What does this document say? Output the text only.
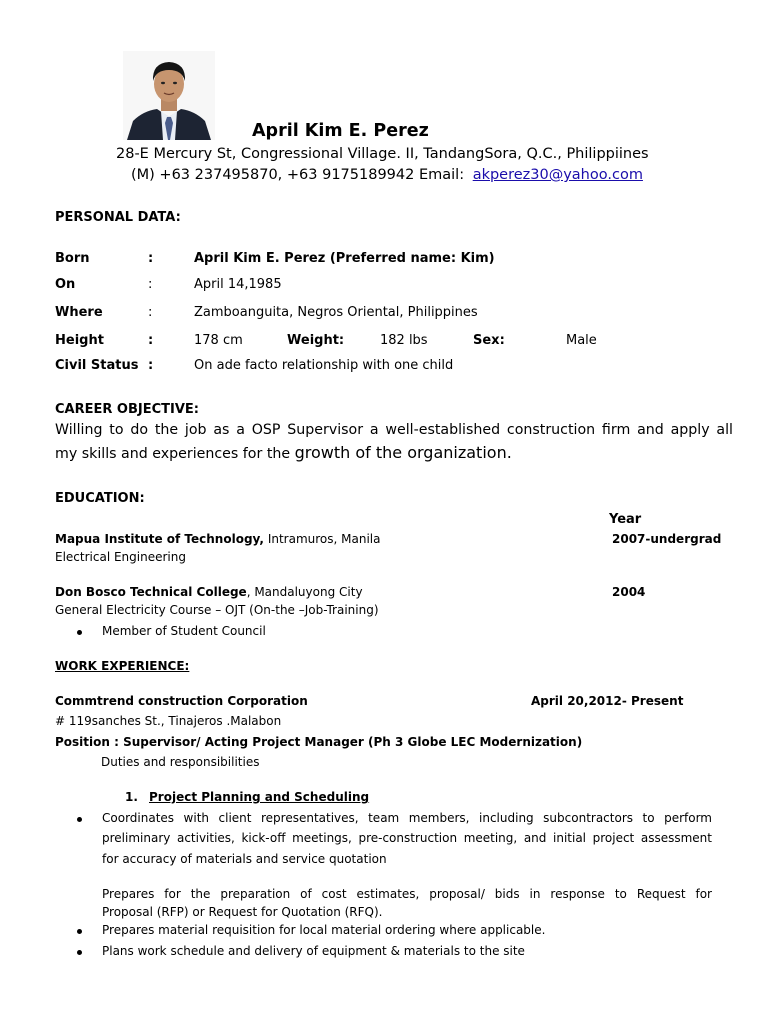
April Kim E. Perez
28-E Mercury St, Congressional Village. II, TandangSora, Q.C., Philippiines
(M) +63 237495870, +63 9175189942 Email: akperez30@yahoo.com
PERSONAL DATA:
Born	:	April Kim E. Perez (Preferred name: Kim)
On	:	April 14,1985
Where	:	Zamboanguita, Negros Oriental, Philippines
Height	:	178 cm	Weight:	182 lbs	Sex:	Male
Civil Status :	On ade facto relationship with one child
CAREER OBJECTIVE:
Willing to do the job as a OSP Supervisor a well-established construction firm and apply all
my skills and experiences for the growth of the organization.
EDUCATION:
Year
Mapua Institute of Technology, Intramuros, Manila	2007-undergrad
Electrical Engineering
Don Bosco Technical College, Mandaluyong City	2004
General Electricity Course – OJT (On-the –Job-Training)
Member of Student Council
WORK EXPERIENCE:
Commtrend construction Corporation	April 20,2012- Present
# 119sanches St., Tinajeros .Malabon
Position : Supervisor/ Acting Project Manager (Ph 3 Globe LEC Modernization)
Duties and responsibilities
1. Project Planning and Scheduling
Coordinates with client representatives, team members, including subcontractors to perform
preliminary activities, kick-off meetings, pre-construction meeting, and initial project assessment
for accuracy of materials and service quotation
Prepares for the preparation of cost estimates, proposal/ bids in response to Request for
Proposal (RFP) or Request for Quotation (RFQ).
Prepares material requisition for local material ordering where applicable.
Plans work schedule and delivery of equipment & materials to the site
